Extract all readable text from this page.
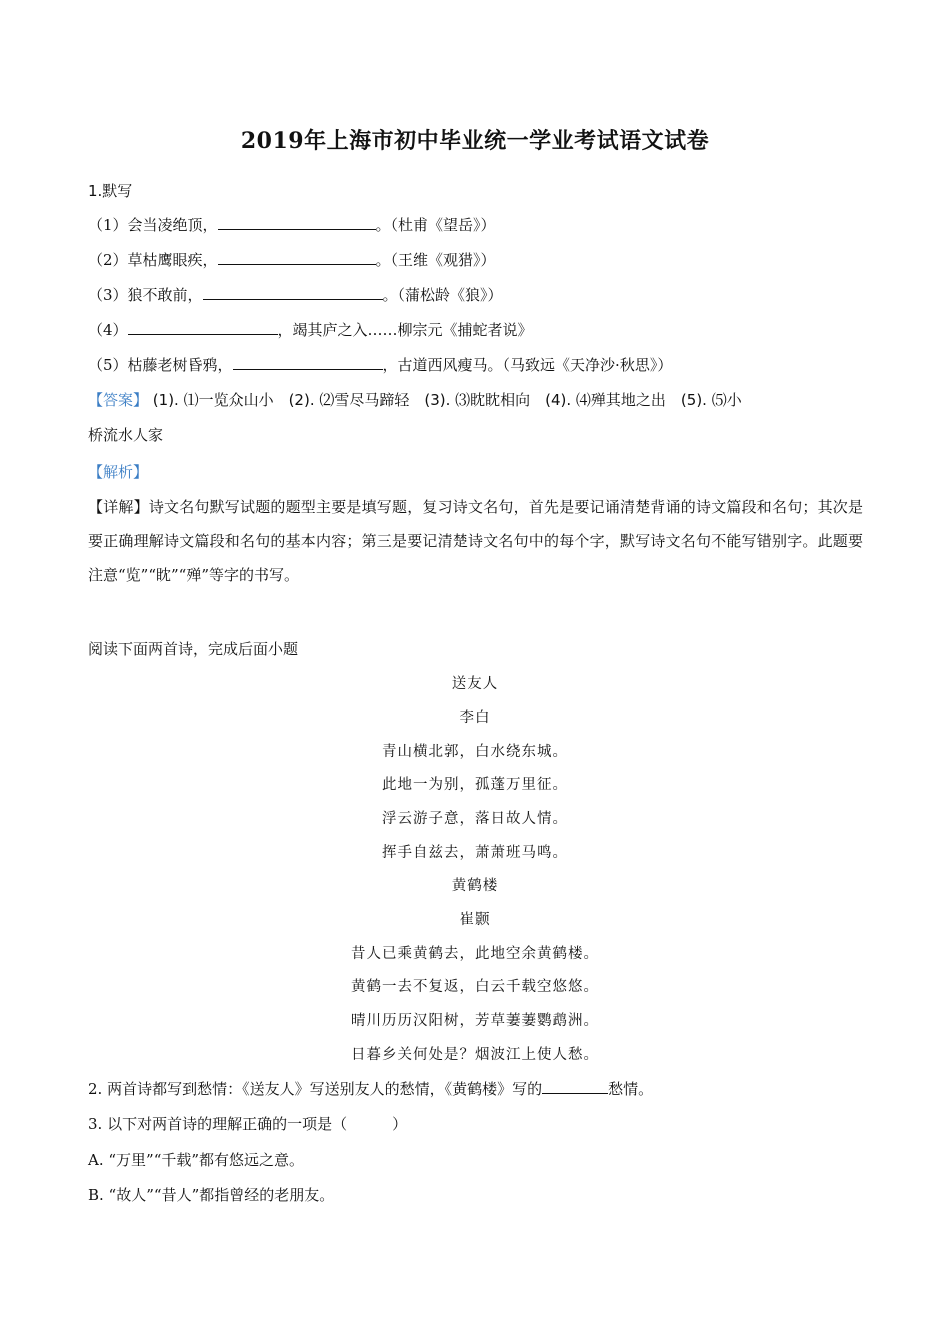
2019年上海市初中毕业统一学业考试语文试卷
1.默写
（1）会当凌绝顶，	。（杜甫《望岳》）
（2）草枯鹰眼疾，	。（王维《观猎》）
（3）狼不敢前，	。（蒲松龄《狼》）
（4）	，竭其庐之入……柳宗元《捕蛇者说》
（5）枯藤老树昏鸦，	，古道西风瘦马。（马致远《天净沙·秋思》）
【答案】 (1). ⑴一览众山小　(2). ⑵雪尽马蹄轻　(3). ⑶眈眈相向　(4). ⑷殚其地之出　(5). ⑸小
桥流水人家
【解析】
【详解】诗文名句默写试题的题型主要是填写题，复习诗文名句，首先是要记诵清楚背诵的诗文篇段和名句；其次是要正确理解诗文篇段和名句的基本内容；第三是要记清楚诗文名句中的每个字，默写诗文名句不能写错别字。此题要注意“览”“眈”“殚”等字的书写。
阅读下面两首诗，完成后面小题
送友人
李白
青山横北郭，白水绕东城。
此地一为别，孤蓬万里征。
浮云游子意，落日故人情。
挥手自兹去，萧萧班马鸣。
黄鹤楼
崔颢
昔人已乘黄鹤去，此地空余黄鹤楼。
黄鹤一去不复返，白云千载空悠悠。
晴川历历汉阳树，芳草萋萋鹦鹉洲。
日暮乡关何处是？烟波江上使人愁。
2. 两首诗都写到愁情：《送友人》写送别友人的愁情，《黄鹤楼》写的	愁情。
3. 以下对两首诗的理解正确的一项是（　　　）
A. “万里”“千载”都有悠远之意。
B. “故人”“昔人”都指曾经的老朋友。
